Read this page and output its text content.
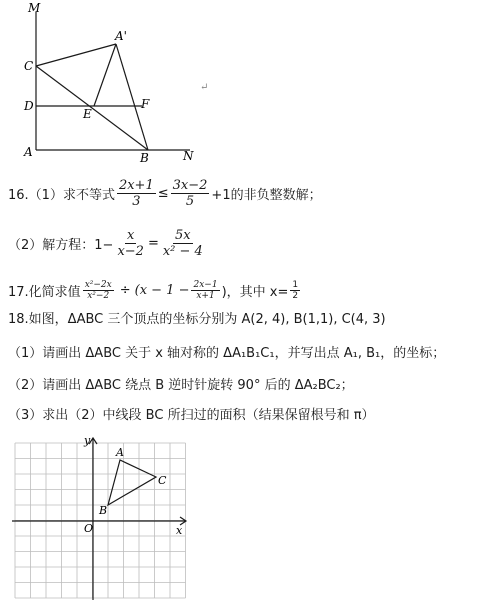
M
A'
C
D
E
F
A	B	N
↵
16.（1）求不等式 $\frac{2x+1}{3} \le \frac{3x-2}{5} +1$的非负整数解；
（2）解方程：$1- \frac{x}{x-2} = \frac{5x}{\text{x² − 4}}$
17.化简求值 $\frac{\text{x²−2x}}{\text{x²−2}} \div (x - 1 - \frac{2x-1}{x+1}$ )，其中 $x= \frac{1}{2}$
18.如图，ΔABC 三个顶点的坐标分别为 A(2, 4), B(1,1), C(4, 3)
（1）请画出 ΔABC 关于 x 轴对称的 ΔA₁B₁C₁，并写出点 A₁, B₁，的坐标；
（2）请画出 ΔABC 绕点 B 逆时针旋转 90° 后的 ΔA₂BC₂；
（3）求出（2）中线段 BC 所扫过的面积（结果保留根号和 π）
y
x
O
A
B
C
